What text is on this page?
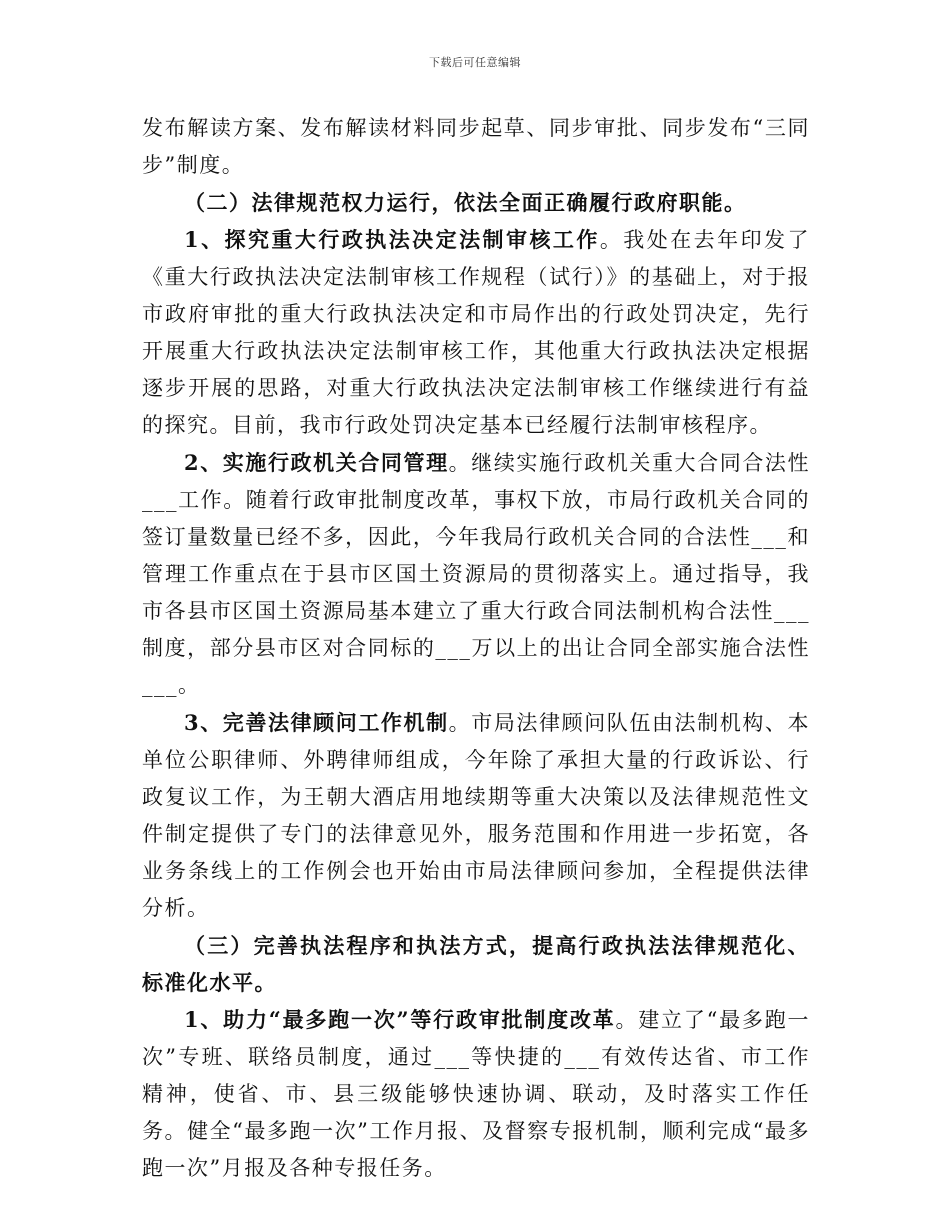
下载后可任意编辑

发布解读方案、发布解读材料同步起草、同步审批、同步发布“三同步”制度。

（二）法律规范权力运行，依法全面正确履行政府职能。

1、探究重大行政执法决定法制审核工作。我处在去年印发了《重大行政执法决定法制审核工作规程（试行）》的基础上，对于报市政府审批的重大行政执法决定和市局作出的行政处罚决定，先行开展重大行政执法决定法制审核工作，其他重大行政执法决定根据逐步开展的思路，对重大行政执法决定法制审核工作继续进行有益的探究。目前，我市行政处罚决定基本已经履行法制审核程序。

2、实施行政机关合同管理。继续实施行政机关重大合同合法性___工作。随着行政审批制度改革，事权下放，市局行政机关合同的签订量数量已经不多，因此，今年我局行政机关合同的合法性___和管理工作重点在于县市区国土资源局的贯彻落实上。通过指导，我市各县市区国土资源局基本建立了重大行政合同法制机构合法性___制度，部分县市区对合同标的___万以上的出让合同全部实施合法性___。

3、完善法律顾问工作机制。市局法律顾问队伍由法制机构、本单位公职律师、外聘律师组成，今年除了承担大量的行政诉讼、行政复议工作，为王朝大酒店用地续期等重大决策以及法律规范性文件制定提供了专门的法律意见外，服务范围和作用进一步拓宽，各业务条线上的工作例会也开始由市局法律顾问参加，全程提供法律分析。

（三）完善执法程序和执法方式，提高行政执法法律规范化、标准化水平。

1、助力“最多跑一次”等行政审批制度改革。建立了“最多跑一次”专班、联络员制度，通过___等快捷的___有效传达省、市工作精神，使省、市、县三级能够快速协调、联动，及时落实工作任务。健全“最多跑一次”工作月报、及督察专报机制，顺利完成“最多跑一次”月报及各种专报任务。
